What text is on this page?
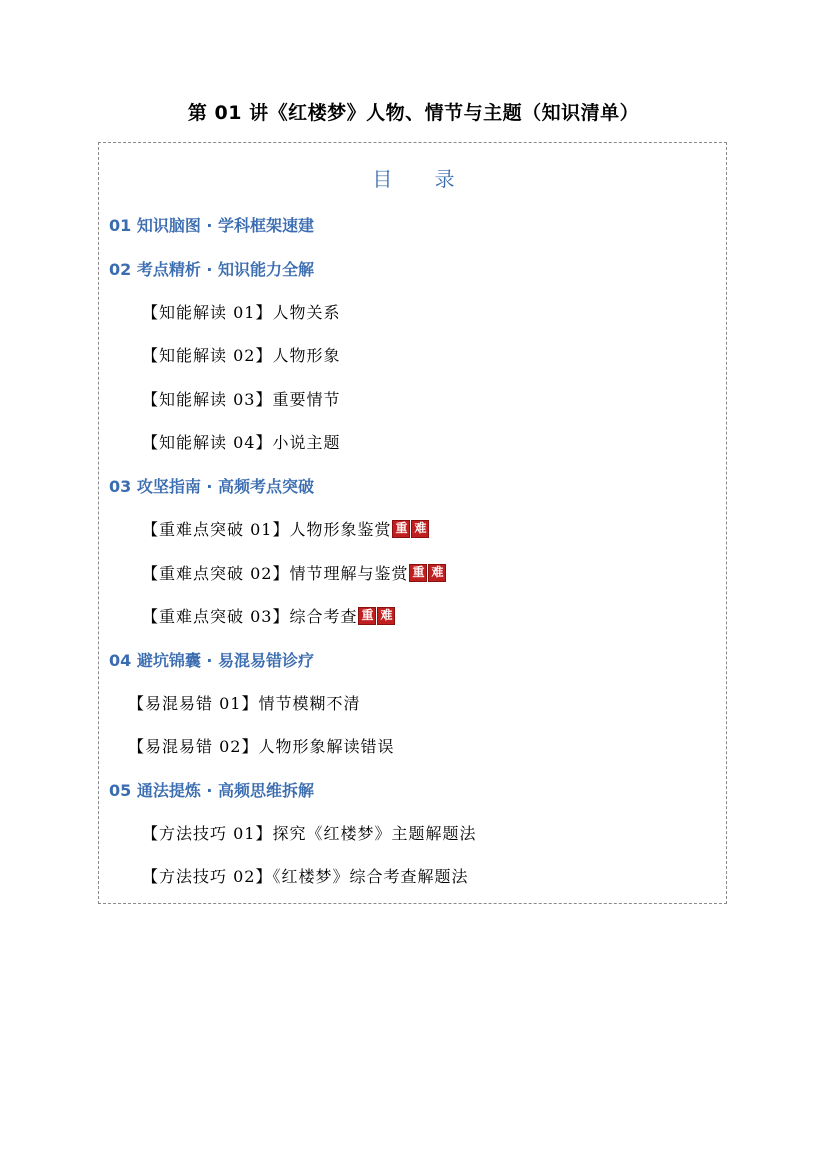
第 01 讲《红楼梦》人物、情节与主题（知识清单）
目 录
01 知识脑图 · 学科框架速建
02 考点精析 · 知识能力全解
【知能解读 01】人物关系
【知能解读 02】人物形象
【知能解读 03】重要情节
【知能解读 04】小说主题
03 攻坚指南 · 高频考点突破
【重难点突破 01】人物形象鉴赏 重 难
【重难点突破 02】情节理解与鉴赏 重 难
【重难点突破 03】综合考查 重 难
04 避坑锦囊 · 易混易错诊疗
【易混易错 01】情节模糊不清
【易混易错 02】人物形象解读错误
05 通法提炼 · 高频思维拆解
【方法技巧 01】探究《红楼梦》主题解题法
【方法技巧 02】《红楼梦》综合考查解题法
